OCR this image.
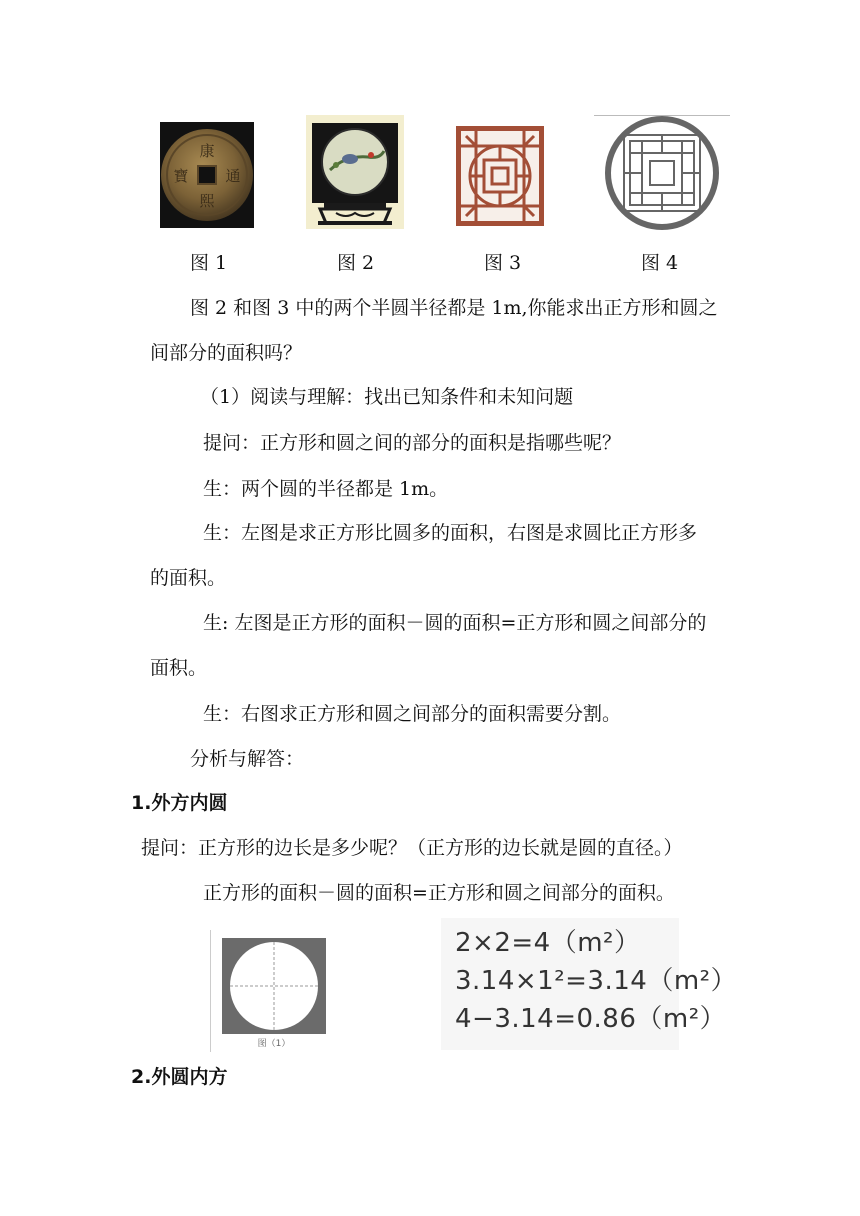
康
熙
通
寶
图 1	图 2	图 3	图 4
图 2 和图 3 中的两个半圆半径都是 1m,你能求出正方形和圆之
间部分的面积吗？
（1）阅读与理解：找出已知条件和未知问题
提问：正方形和圆之间的部分的面积是指哪些呢？
生：两个圆的半径都是 1m。
生：左图是求正方形比圆多的面积，右图是求圆比正方形多
的面积。
生: 左图是正方形的面积－圆的面积=正方形和圆之间部分的
面积。
生：右图求正方形和圆之间部分的面积需要分割。
分析与解答：
1.外方内圆
提问：正方形的边长是多少呢？（正方形的边长就是圆的直径。）
正方形的面积－圆的面积=正方形和圆之间部分的面积。
图（1）
2×2=4（m²）
3.14×1²=3.14（m²）
4−3.14=0.86（m²）
2.外圆内方
